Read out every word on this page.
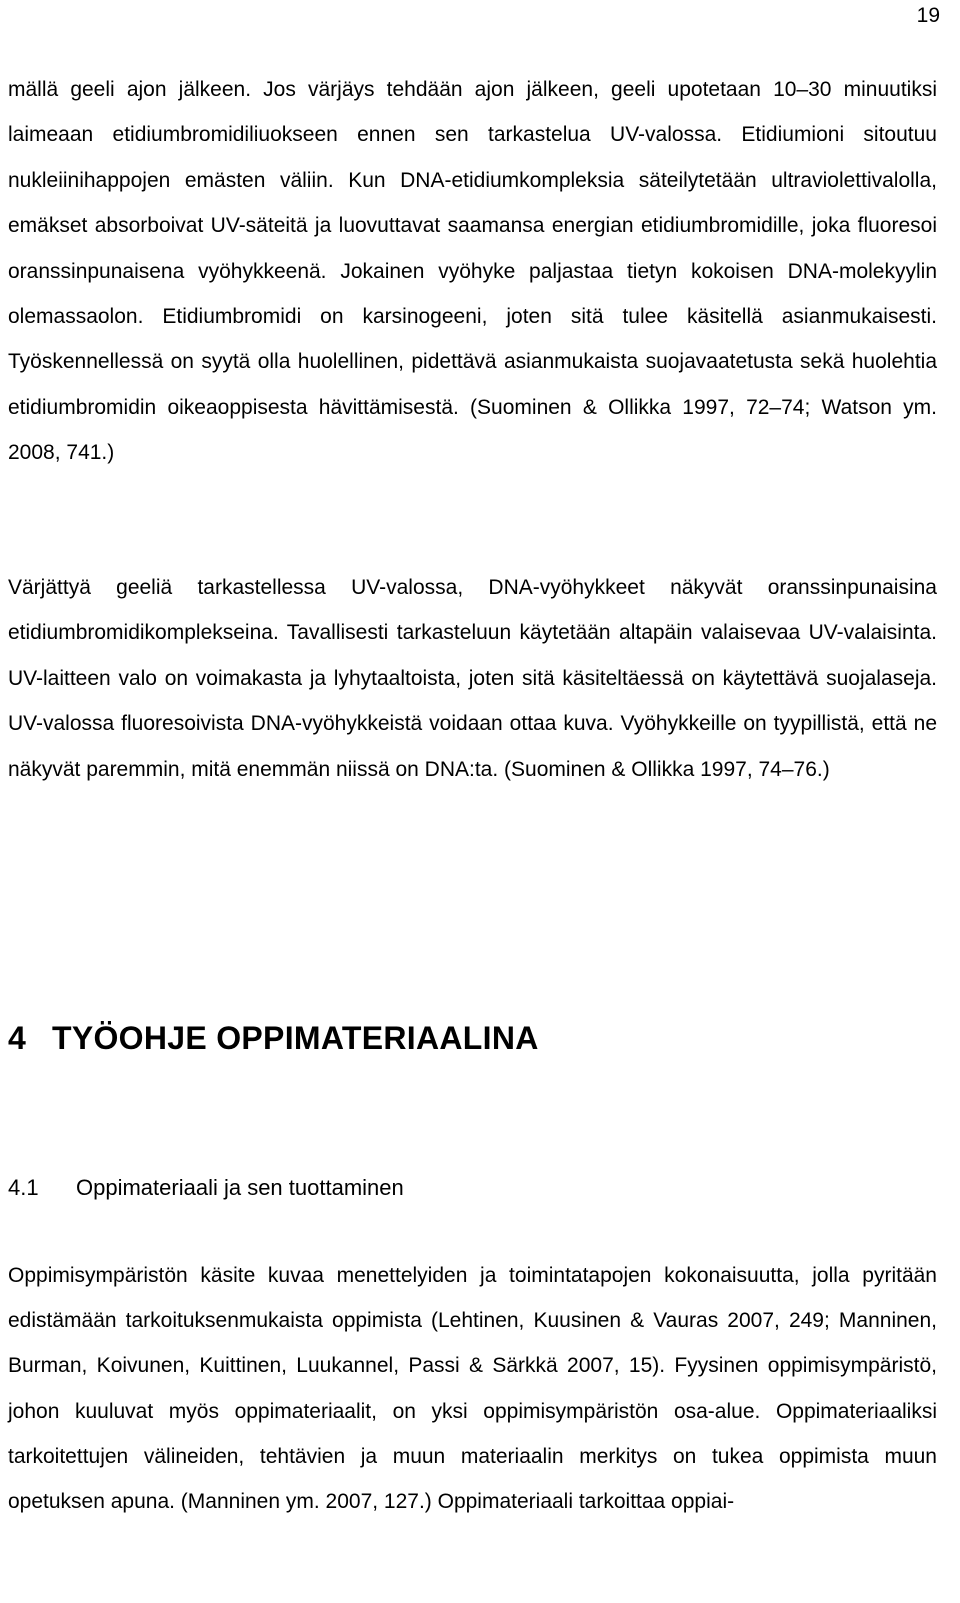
19

mällä geeli ajon jälkeen. Jos värjäys tehdään ajon jälkeen, geeli upotetaan 10–30 minuutiksi laimeaan etidiumbromidiliuokseen ennen sen tarkastelua UV-valossa. Etidiumioni sitoutuu nukleiinihappojen emästen väliin. Kun DNA-etidiumkompleksia säteilytetään ultraviolettivalolla, emäkset absorboivat UV-säteitä ja luovuttavat saamansa energian etidiumbromidille, joka fluoresoi oranssinpunaisena vyöhykkeenä. Jokainen vyöhyke paljastaa tietyn kokoisen DNA-molekyylin olemassaolon. Etidiumbromidi on karsinogeeni, joten sitä tulee käsitellä asianmukaisesti. Työskennellessä on syytä olla huolellinen, pidettävä asianmukaista suojavaatetusta sekä huolehtia etidiumbromidin oikeaoppisesta hävittämisestä. (Suominen & Ollikka 1997, 72–74; Watson ym. 2008, 741.)

Värjättyä geeliä tarkastellessa UV-valossa, DNA-vyöhykkeet näkyvät oranssinpunaisina etidiumbromidikomplekseina. Tavallisesti tarkasteluun käytetään altapäin valaisevaa UV-valaisinta. UV-laitteen valo on voimakasta ja lyhytaaltoista, joten sitä käsiteltäessä on käytettävä suojalaseja. UV-valossa fluoresoivista DNA-vyöhykkeistä voidaan ottaa kuva. Vyöhykkeille on tyypillistä, että ne näkyvät paremmin, mitä enemmän niissä on DNA:ta. (Suominen & Ollikka 1997, 74–76.)

4 TYÖOHJE OPPIMATERIAALINA
4.1 Oppimateriaali ja sen tuottaminen

Oppimisympäristön käsite kuvaa menettelyiden ja toimintatapojen kokonaisuutta, jolla pyritään edistämään tarkoituksenmukaista oppimista (Lehtinen, Kuusinen & Vauras 2007, 249; Manninen, Burman, Koivunen, Kuittinen, Luukannel, Passi & Särkkä 2007, 15). Fyysinen oppimisympäristö, johon kuuluvat myös oppimateriaalit, on yksi oppimisympäristön osa-alue. Oppimateriaaliksi tarkoitettujen välineiden, tehtävien ja muun materiaalin merkitys on tukea oppimista muun opetuksen apuna. (Manninen ym. 2007, 127.) Oppimateriaali tarkoittaa oppiai-
